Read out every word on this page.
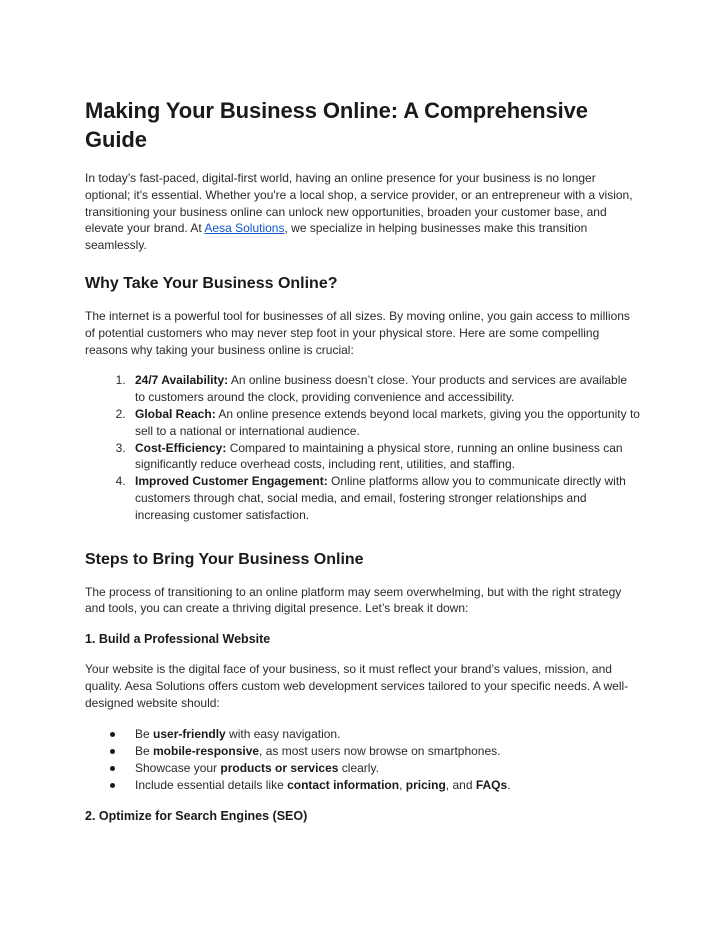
Making Your Business Online: A Comprehensive Guide

In today’s fast-paced, digital-first world, having an online presence for your business is no longer optional; it's essential. Whether you're a local shop, a service provider, or an entrepreneur with a vision, transitioning your business online can unlock new opportunities, broaden your customer base, and elevate your brand. At Aesa Solutions, we specialize in helping businesses make this transition seamlessly.

Why Take Your Business Online?

The internet is a powerful tool for businesses of all sizes. By moving online, you gain access to millions of potential customers who may never step foot in your physical store. Here are some compelling reasons why taking your business online is crucial:

1. 24/7 Availability: An online business doesn’t close. Your products and services are available to customers around the clock, providing convenience and accessibility.
2. Global Reach: An online presence extends beyond local markets, giving you the opportunity to sell to a national or international audience.
3. Cost-Efficiency: Compared to maintaining a physical store, running an online business can significantly reduce overhead costs, including rent, utilities, and staffing.
4. Improved Customer Engagement: Online platforms allow you to communicate directly with customers through chat, social media, and email, fostering stronger relationships and increasing customer satisfaction.
Steps to Bring Your Business Online

The process of transitioning to an online platform may seem overwhelming, but with the right strategy and tools, you can create a thriving digital presence. Let’s break it down:

1. Build a Professional Website

Your website is the digital face of your business, so it must reflect your brand’s values, mission, and quality. Aesa Solutions offers custom web development services tailored to your specific needs. A well-designed website should:

Be user-friendly with easy navigation.
Be mobile-responsive, as most users now browse on smartphones.
Showcase your products or services clearly.
Include essential details like contact information, pricing, and FAQs.
2. Optimize for Search Engines (SEO)
